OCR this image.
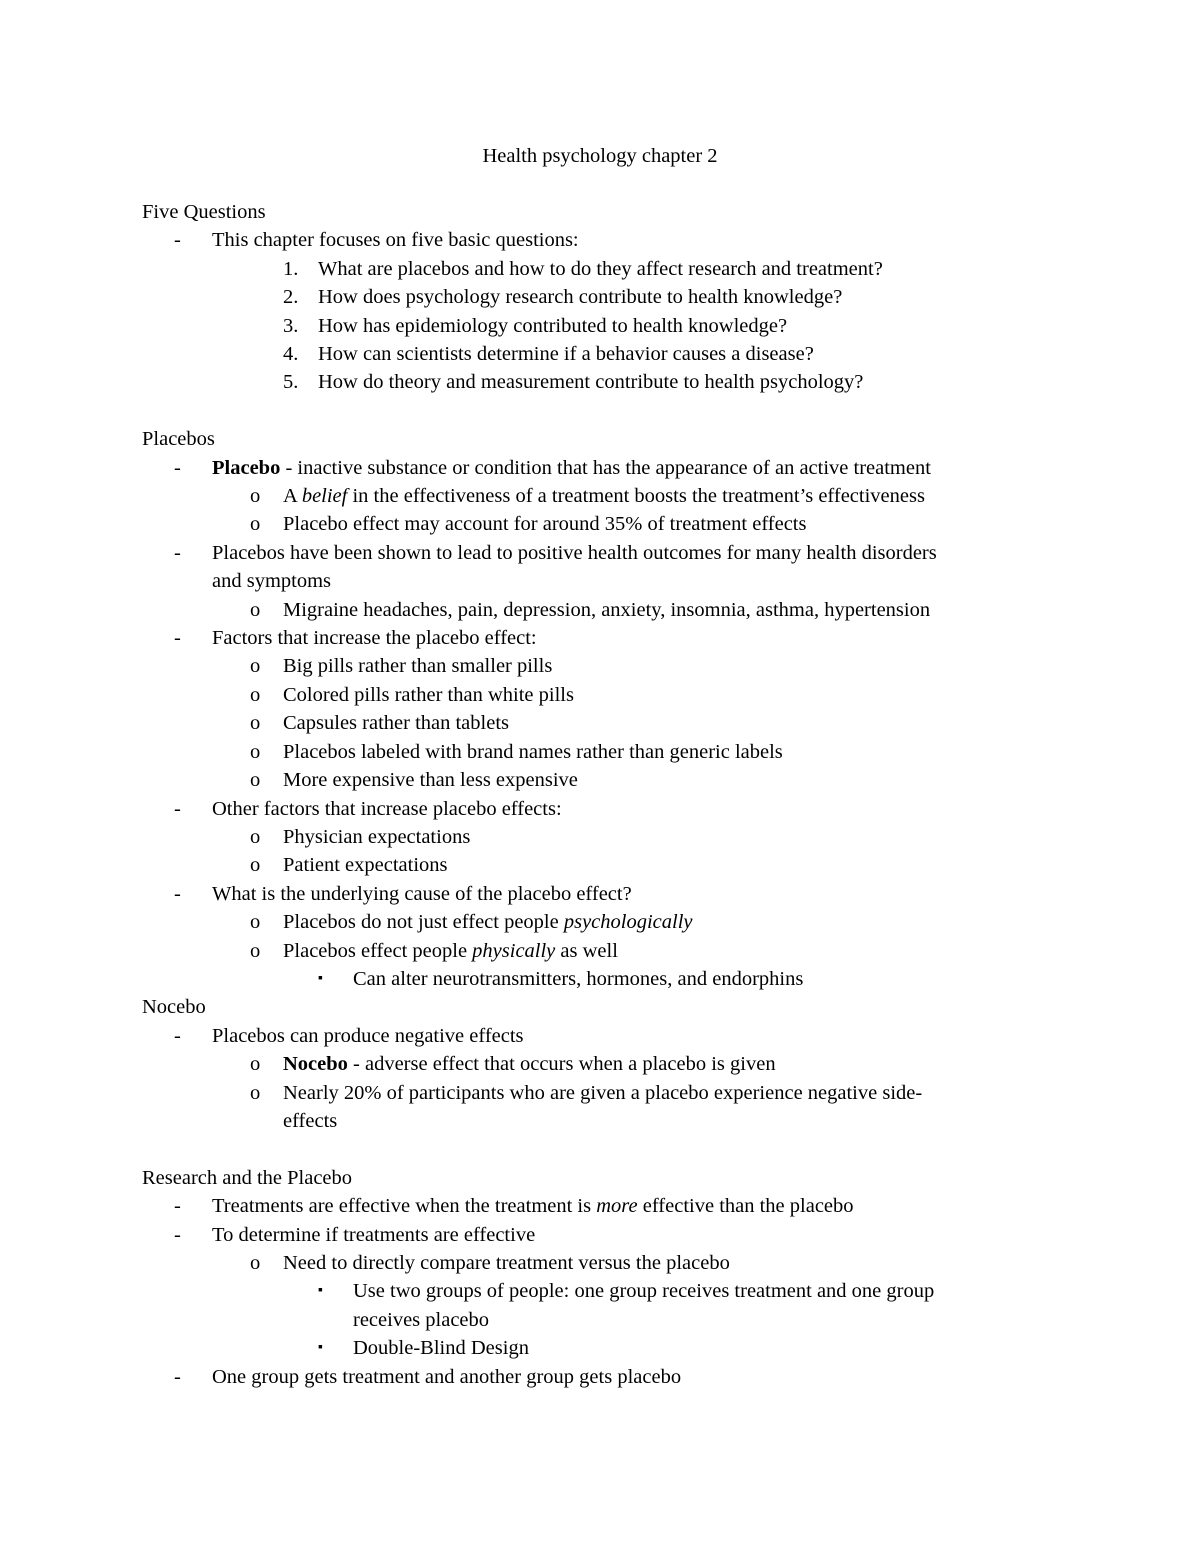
Health psychology chapter 2
Five Questions
- This chapter focuses on five basic questions:
1. What are placebos and how to do they affect research and treatment?
2. How does psychology research contribute to health knowledge?
3. How has epidemiology contributed to health knowledge?
4. How can scientists determine if a behavior causes a disease?
5. How do theory and measurement contribute to health psychology?
Placebos
- Placebo - inactive substance or condition that has the appearance of an active treatment
o A belief in the effectiveness of a treatment boosts the treatment’s effectiveness
o Placebo effect may account for around 35% of treatment effects
- Placebos have been shown to lead to positive health outcomes for many health disorders
and symptoms
o Migraine headaches, pain, depression, anxiety, insomnia, asthma, hypertension
- Factors that increase the placebo effect:
o Big pills rather than smaller pills
o Colored pills rather than white pills
o Capsules rather than tablets
o Placebos labeled with brand names rather than generic labels
o More expensive than less expensive
- Other factors that increase placebo effects:
o Physician expectations
o Patient expectations
- What is the underlying cause of the placebo effect?
o Placebos do not just effect people psychologically
o Placebos effect people physically as well
▪ Can alter neurotransmitters, hormones, and endorphins
Nocebo
- Placebos can produce negative effects
o Nocebo - adverse effect that occurs when a placebo is given
o Nearly 20% of participants who are given a placebo experience negative side-
effects
Research and the Placebo
- Treatments are effective when the treatment is more effective than the placebo
- To determine if treatments are effective
o Need to directly compare treatment versus the placebo
▪ Use two groups of people: one group receives treatment and one group
receives placebo
▪ Double-Blind Design
- One group gets treatment and another group gets placebo
